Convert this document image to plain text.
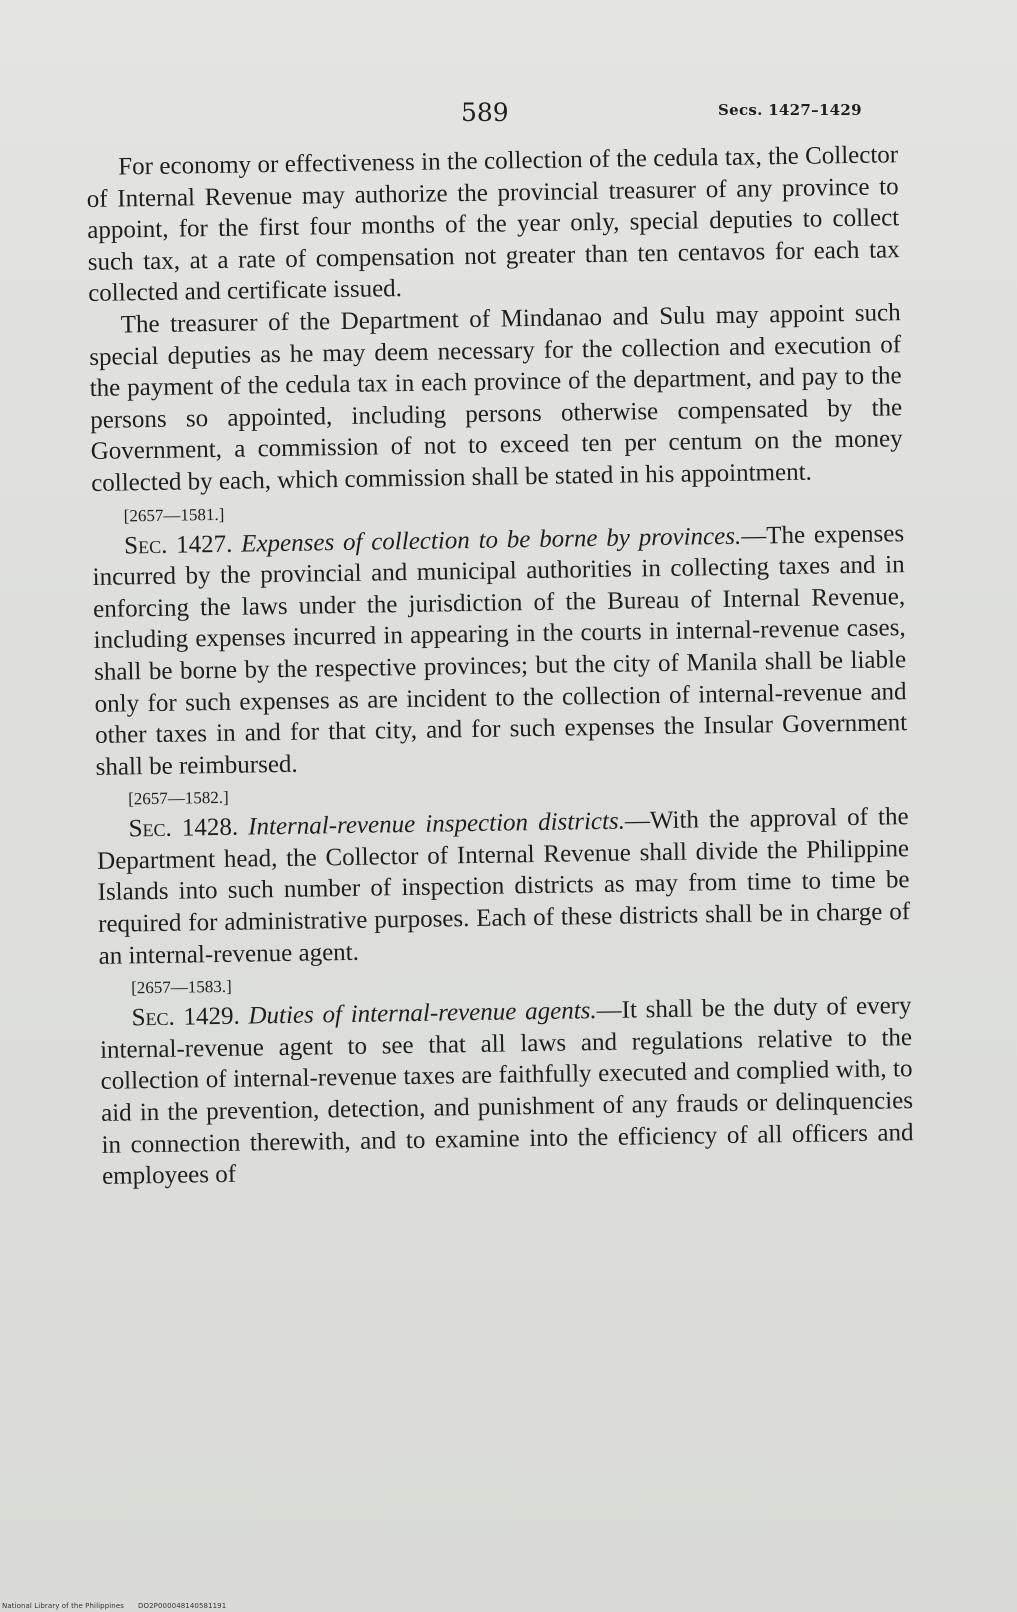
589	Secs. 1427–1429

For economy or effectiveness in the collection of the cedula tax, the Collector of Internal Revenue may authorize the provincial treasurer of any province to appoint, for the first four months of the year only, special deputies to collect such tax, at a rate of compensation not greater than ten centavos for each tax collected and certificate issued.

The treasurer of the Department of Mindanao and Sulu may appoint such special deputies as he may deem necessary for the collection and execution of the payment of the cedula tax in each province of the department, and pay to the persons so appointed, including persons otherwise compensated by the Government, a commission of not to exceed ten per centum on the money collected by each, which commission shall be stated in his appointment.

[2657—1581.]

Sec. 1427. Expenses of collection to be borne by provinces.—The expenses incurred by the provincial and municipal authorities in collecting taxes and in enforcing the laws under the jurisdiction of the Bureau of Internal Revenue, including expenses incurred in appearing in the courts in internal-revenue cases, shall be borne by the respective provinces; but the city of Manila shall be liable only for such expenses as are incident to the collection of internal-revenue and other taxes in and for that city, and for such expenses the Insular Government shall be reimbursed.

[2657—1582.]

Sec. 1428. Internal-revenue inspection districts.—With the approval of the Department head, the Collector of Internal Revenue shall divide the Philippine Islands into such number of inspection districts as may from time to time be required for administrative purposes. Each of these districts shall be in charge of an internal-revenue agent.

[2657—1583.]

Sec. 1429. Duties of internal-revenue agents.—It shall be the duty of every internal-revenue agent to see that all laws and regulations relative to the collection of internal-revenue taxes are faithfully executed and complied with, to aid in the prevention, detection, and punishment of any frauds or delinquencies in connection therewith, and to examine into the efficiency of all officers and employees of

National Library of the Philippines DO2P000048140581191
